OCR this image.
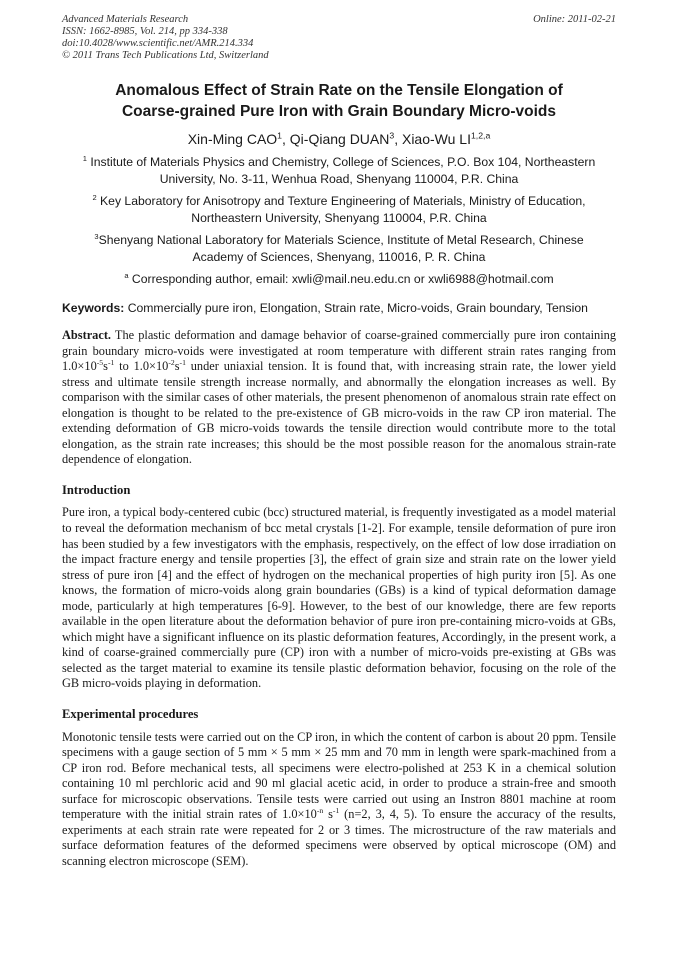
Advanced Materials Research
ISSN: 1662-8985, Vol. 214, pp 334-338
doi:10.4028/www.scientific.net/AMR.214.334
© 2011 Trans Tech Publications Ltd, Switzerland
Online: 2011-02-21
Anomalous Effect of Strain Rate on the Tensile Elongation of
Coarse-grained Pure Iron with Grain Boundary Micro-voids
Xin-Ming CAO$^1$, Qi-Qiang DUAN$^3$, Xiao-Wu LI$^{1,2,a}$
$^1$ Institute of Materials Physics and Chemistry, College of Sciences, P.O. Box 104, Northeastern
University, No. 3-11, Wenhua Road, Shenyang 110004, P.R. China
$^2$ Key Laboratory for Anisotropy and Texture Engineering of Materials, Ministry of Education,
Northeastern University, Shenyang 110004, P.R. China
$^3$Shenyang National Laboratory for Materials Science, Institute of Metal Research, Chinese
Academy of Sciences, Shenyang, 110016, P. R. China
$^a$ Corresponding author, email: xwli@mail.neu.edu.cn or xwli6988@hotmail.com
Keywords: Commercially pure iron, Elongation, Strain rate, Micro-voids, Grain boundary, Tension

Abstract. The plastic deformation and damage behavior of coarse-grained commercially pure iron containing grain boundary micro-voids were investigated at room temperature with different strain rates ranging from $1.0\times 10^{-5}s^{-1}$ to $1.0\times 10^{-2}s^{-1}$ under uniaxial tension. It is found that, with increasing strain rate, the lower yield stress and ultimate tensile strength increase normally, and abnormally the elongation increases as well. By comparison with the similar cases of other materials, the present phenomenon of anomalous strain rate effect on elongation is thought to be related to the pre-existence of GB micro-voids in the raw CP iron material. The extending deformation of GB micro-voids towards the tensile direction would contribute more to the total elongation, as the strain rate increases; this should be the most possible reason for the anomalous strain-rate dependence of elongation.

Introduction

Pure iron, a typical body-centered cubic (bcc) structured material, is frequently investigated as a model material to reveal the deformation mechanism of bcc metal crystals [1-2]. For example, tensile deformation of pure iron has been studied by a few investigators with the emphasis, respectively, on the effect of low dose irradiation on the impact fracture energy and tensile properties [3], the effect of grain size and strain rate on the lower yield stress of pure iron [4] and the effect of hydrogen on the mechanical properties of high purity iron [5]. As one knows, the formation of micro-voids along grain boundaries (GBs) is a kind of typical deformation damage mode, particularly at high temperatures [6-9]. However, to the best of our knowledge, there are few reports available in the open literature about the deformation behavior of pure iron pre-containing micro-voids at GBs, which might have a significant influence on its plastic deformation features, Accordingly, in the present work, a kind of coarse-grained commercially pure (CP) iron with a number of micro-voids pre-existing at GBs was selected as the target material to examine its tensile plastic deformation behavior, focusing on the role of the GB micro-voids playing in deformation.

Experimental procedures

Monotonic tensile tests were carried out on the CP iron, in which the content of carbon is about 20 ppm. Tensile specimens with a gauge section of 5 mm × 5 mm × 25 mm and 70 mm in length were spark-machined from a CP iron rod. Before mechanical tests, all specimens were electro-polished at 253 K in a chemical solution containing 10 ml perchloric acid and 90 ml glacial acetic acid, in order to produce a strain-free and smooth surface for microscopic observations. Tensile tests were carried out using an Instron 8801 machine at room temperature with the initial strain rates of $1.0\times 10^{-n}$ $s^{-1}$ (n=2, 3, 4, 5). To ensure the accuracy of the results, experiments at each strain rate were repeated for 2 or 3 times. The microstructure of the raw materials and surface deformation features of the deformed specimens were observed by optical microscope (OM) and scanning electron microscope (SEM).
